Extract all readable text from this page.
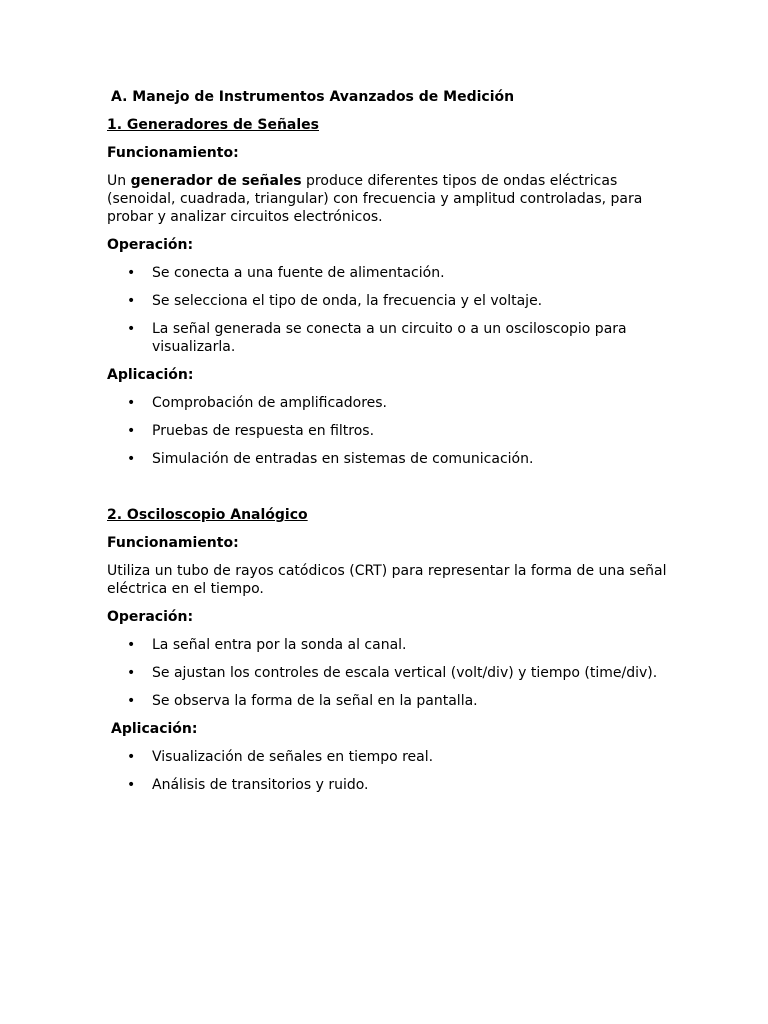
A. Manejo de Instrumentos Avanzados de Medición
1. Generadores de Señales
Funcionamiento:
Un generador de señales produce diferentes tipos de ondas eléctricas (senoidal, cuadrada, triangular) con frecuencia y amplitud controladas, para probar y analizar circuitos electrónicos.
Operación:
• Se conecta a una fuente de alimentación.
• Se selecciona el tipo de onda, la frecuencia y el voltaje.
• La señal generada se conecta a un circuito o a un osciloscopio para visualizarla.
Aplicación:
• Comprobación de amplificadores.
• Pruebas de respuesta en filtros.
• Simulación de entradas en sistemas de comunicación.
2. Osciloscopio Analógico
Funcionamiento:
Utiliza un tubo de rayos catódicos (CRT) para representar la forma de una señal eléctrica en el tiempo.
Operación:
• La señal entra por la sonda al canal.
• Se ajustan los controles de escala vertical (volt/div) y tiempo (time/div).
• Se observa la forma de la señal en la pantalla.
Aplicación:
• Visualización de señales en tiempo real.
• Análisis de transitorios y ruido.
